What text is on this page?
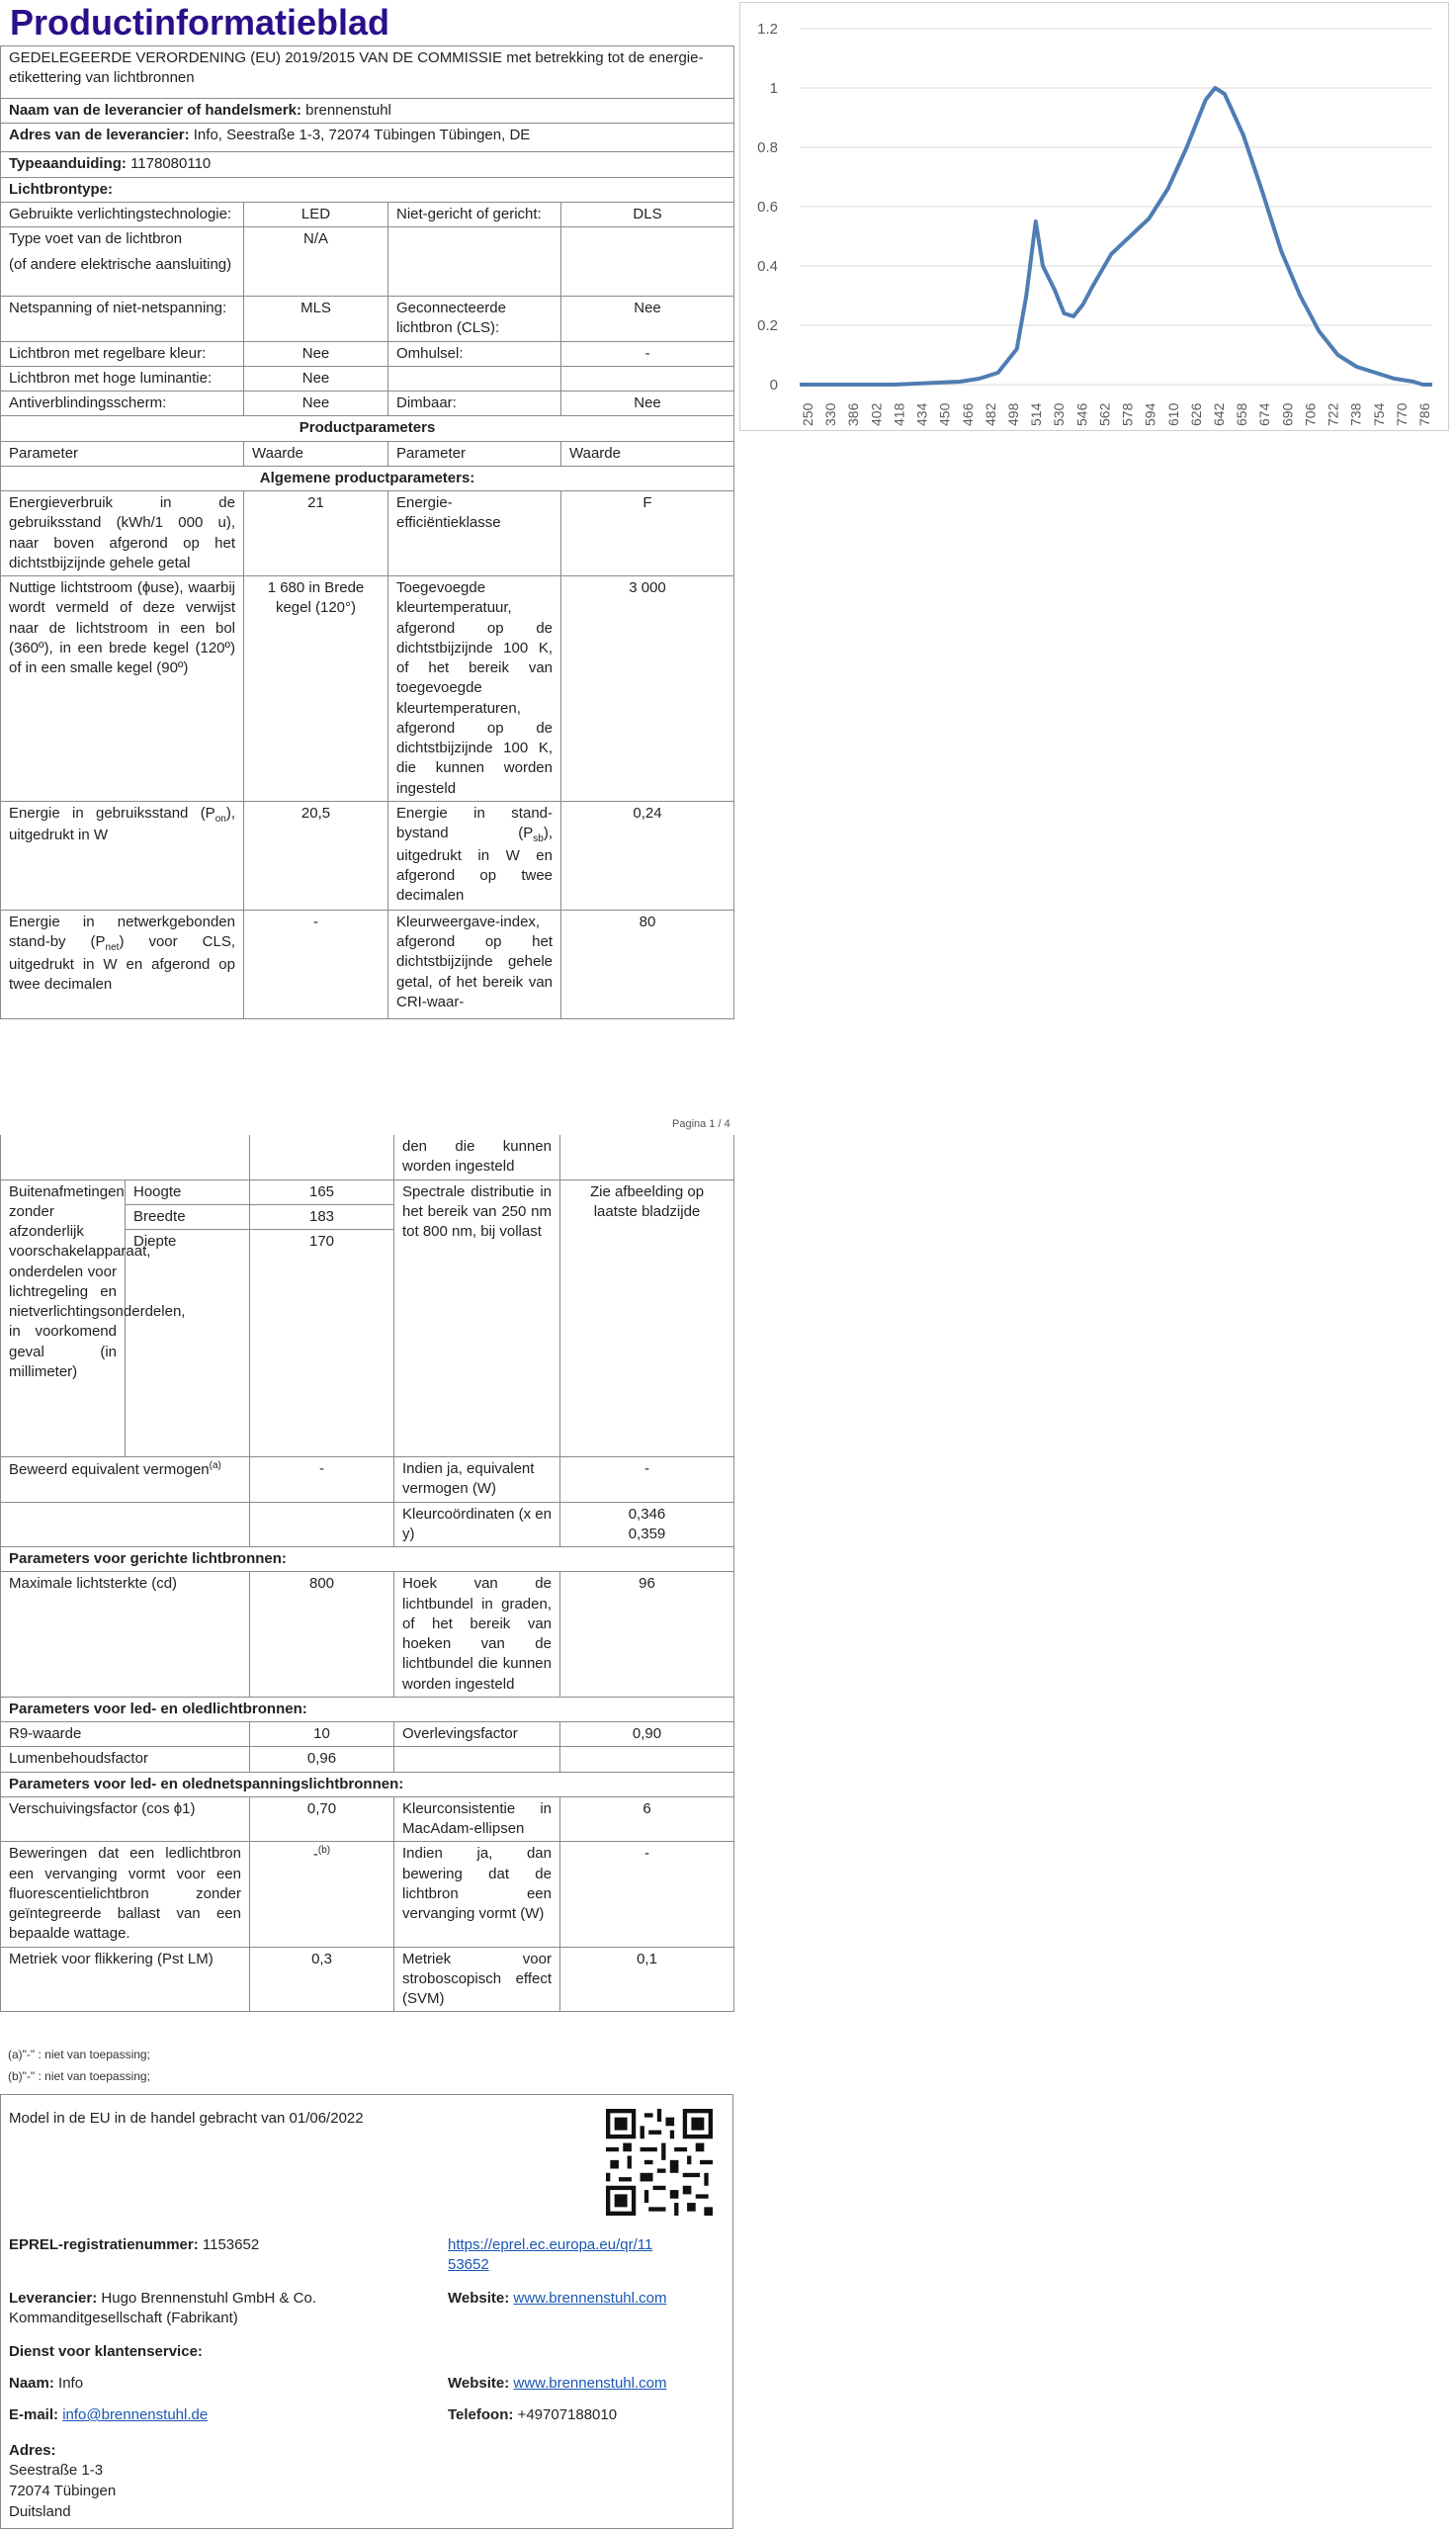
Productinformatieblad
GEDELEGEERDE VERORDENING (EU) 2019/2015 VAN DE COMMISSIE met betrekking tot de energie-etikettering van lichtbronnen			
Naam van de leverancier of handelsmerk: brennenstuhl			
Adres van de leverancier: Info, Seestraße 1-3, 72074 Tübingen Tübingen, DE			
Typeaanduiding: 1178080110			
Lichtbrontype:			
Gebruikte verlichtingstechnologie:	LED	Niet-gericht of gericht:	DLS

Type voet van de lichtbron
(of andere elektrische aansluiting)	N/A		
Netspanning of niet-netspanning:	MLS	Geconnecteerde lichtbron (CLS):	Nee
Lichtbron met regelbare kleur:	Nee	Omhulsel:	-
Lichtbron met hoge luminantie:	Nee		
Antiverblindingsscherm:	Nee	Dimbaar:	Nee
Productparameters			
Parameter	Waarde	Parameter	Waarde
Algemene productparameters:			
Energieverbruik in de gebruiksstand (kWh/1 000 u), naar boven afgerond op het dichtstbijzijnde gehele getal	21	Energie-efficiëntieklasse	F
Nuttige lichtstroom (ϕuse), waarbij wordt vermeld of deze verwijst naar de lichtstroom in een bol (360º), in een brede kegel (120º) of in een smalle kegel (90º)	1 680 in Brede kegel (120°)	Toegevoegde kleurtemperatuur, afgerond op de dichtstbijzijnde 100 K, of het bereik van toegevoegde kleurtemperaturen, afgerond op de dichtstbijzijnde 100 K, die kunnen worden ingesteld	3 000
Energie in gebruiksstand $(P_{on})$, uitgedrukt in W	20,5	Energie in stand-bystand $(P_{sb})$, uitgedrukt in W en afgerond op twee decimalen	0,24
Energie in netwerkgebonden stand-by $(P_{net})$ voor CLS, uitgedrukt in W en afgerond op twee decimalen	-	Kleurweergave-index, afgerond op het dichtstbijzijnde gehele getal, of het bereik van CRI-waar-	80
Pagina 1 / 4
0
0.2
0.4
0.6
0.8
1
1.2
250 330 386 402 418 434 450 466 482 498 514 530 546 562 578 594 610 626 642 658 674 690 706 722 738 754 770 786
			den die kunnen worden ingesteld	
Buitenafmetingen zonder afzonderlijk voorschakelapparaat, onderdelen voor lichtregeling en nietverlichtingsonderdelen, in voorkomend geval (in millimeter)	Hoogte	165	Spectrale distributie in het bereik van 250 nm tot 800 nm, bij vollast	Zie afbeelding op laatste bladzijde
	Breedte	183		
	Diepte	170		
Beweerd equivalent vermogen$^{(a)}$		-	Indien ja, equivalent vermogen (W)	-
			Kleurcoördinaten (x en y)	0,346
0,359

Parameters voor gerichte lichtbronnen:				
Maximale lichtsterkte (cd)		800	Hoek van de lichtbundel in graden, of het bereik van hoeken van de lichtbundel die kunnen worden ingesteld	96
Parameters voor led- en oledlichtbronnen:				
R9-waarde		10	Overlevingsfactor	0,90
Lumenbehoudsfactor		0,96		
Parameters voor led- en olednetspanningslichtbronnen:				
Verschuivingsfactor (cos ϕ1)		0,70	Kleurconsistentie in MacAdam-ellipsen	6
Beweringen dat een ledlichtbron een vervanging vormt voor een fluorescentielichtbron zonder geïntegreerde ballast van een bepaalde wattage.		-$^{(b)}$	Indien ja, dan bewering dat de lichtbron een vervanging vormt (W)	-
Metriek voor flikkering (Pst LM)		0,3	Metriek voor stroboscopisch effect (SVM)	0,1
(a)"-" : niet van toepassing;
(b)"-" : niet van toepassing;
Model in de EU in de handel gebracht van 01/06/2022
EPREL-registratienummer: 1153652	https://eprel.ec.europa.eu/qr/11
53652
Leverancier: Hugo Brennenstuhl GmbH & Co. Kommanditgesellschaft (Fabrikant)
Website: www.brennenstuhl.com
Dienst voor klantenservice:
Naam: Info	Website: www.brennenstuhl.com
E-mail: info@brennenstuhl.de	Telefoon: +49707188010
Adres:
Seestraße 1-3
72074 Tübingen
Duitsland
